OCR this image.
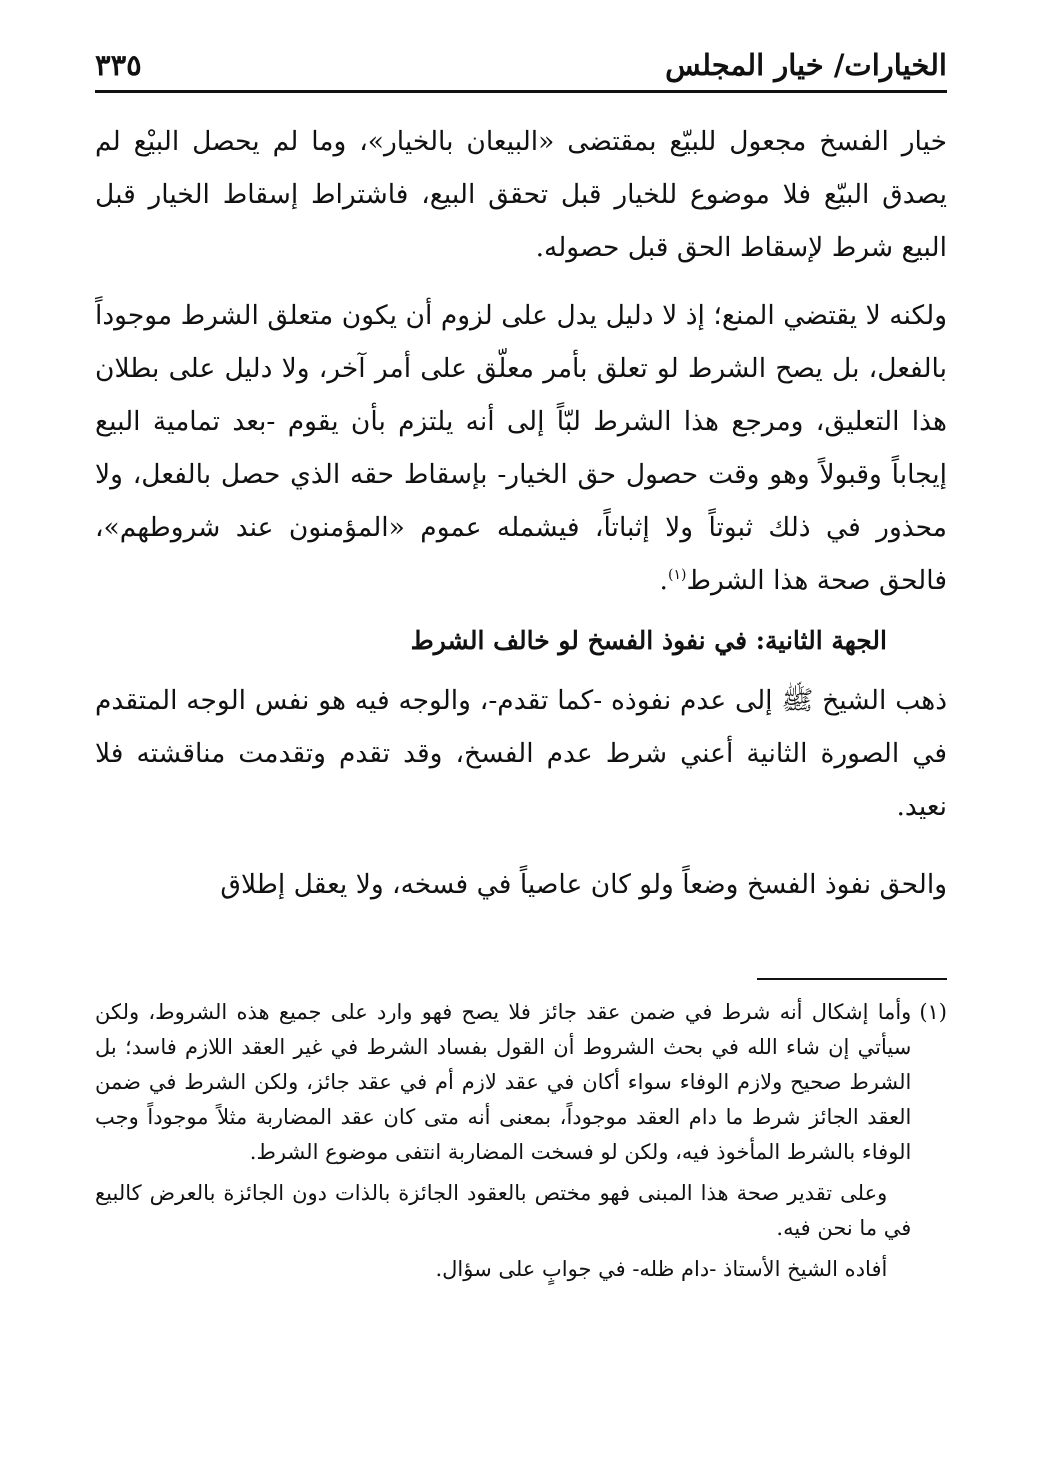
الخيارات/ خيار المجلس
٣٣٥

خيار الفسخ مجعول للبيّع بمقتضى «البيعان بالخيار»، وما لم يحصل البيْع لم يصدق البيّع فلا موضوع للخيار قبل تحقق البيع، فاشتراط إسقاط الخيار قبل البيع شرط لإسقاط الحق قبل حصوله.

ولكنه لا يقتضي المنع؛ إذ لا دليل يدل على لزوم أن يكون متعلق الشرط موجوداً بالفعل، بل يصح الشرط لو تعلق بأمر معلّق على أمر آخر، ولا دليل على بطلان هذا التعليق، ومرجع هذا الشرط لبّاً إلى أنه يلتزم بأن يقوم -بعد تمامية البيع إيجاباً وقبولاً وهو وقت حصول حق الخيار- بإسقاط حقه الذي حصل بالفعل، ولا محذور في ذلك ثبوتاً ولا إثباتاً، فيشمله عموم «المؤمنون عند شروطهم»، فالحق صحة هذا الشرط$^{(١)}$.

الجهة الثانية: في نفوذ الفسخ لو خالف الشرط

ذهب الشيخ ﷺ إلى عدم نفوذه -كما تقدم-، والوجه فيه هو نفس الوجه المتقدم في الصورة الثانية أعني شرط عدم الفسخ، وقد تقدم وتقدمت مناقشته فلا نعيد.

والحق نفوذ الفسخ وضعاً ولو كان عاصياً في فسخه، ولا يعقل إطلاق

(١)

وأما إشكال أنه شرط في ضمن عقد جائز فلا يصح فهو وارد على جميع هذه الشروط، ولكن سيأتي إن شاء الله في بحث الشروط أن القول بفساد الشرط في غير العقد اللازم فاسد؛ بل الشرط صحيح ولازم الوفاء سواء أكان في عقد لازم أم في عقد جائز، ولكن الشرط في ضمن العقد الجائز شرط ما دام العقد موجوداً، بمعنى أنه متى كان عقد المضاربة مثلاً موجوداً وجب الوفاء بالشرط المأخوذ فيه، ولكن لو فسخت المضاربة انتفى موضوع الشرط.

وعلى تقدير صحة هذا المبنى فهو مختص بالعقود الجائزة بالذات دون الجائزة بالعرض كالبيع في ما نحن فيه.

أفاده الشيخ الأستاذ -دام ظله- في جوابٍ على سؤال.
